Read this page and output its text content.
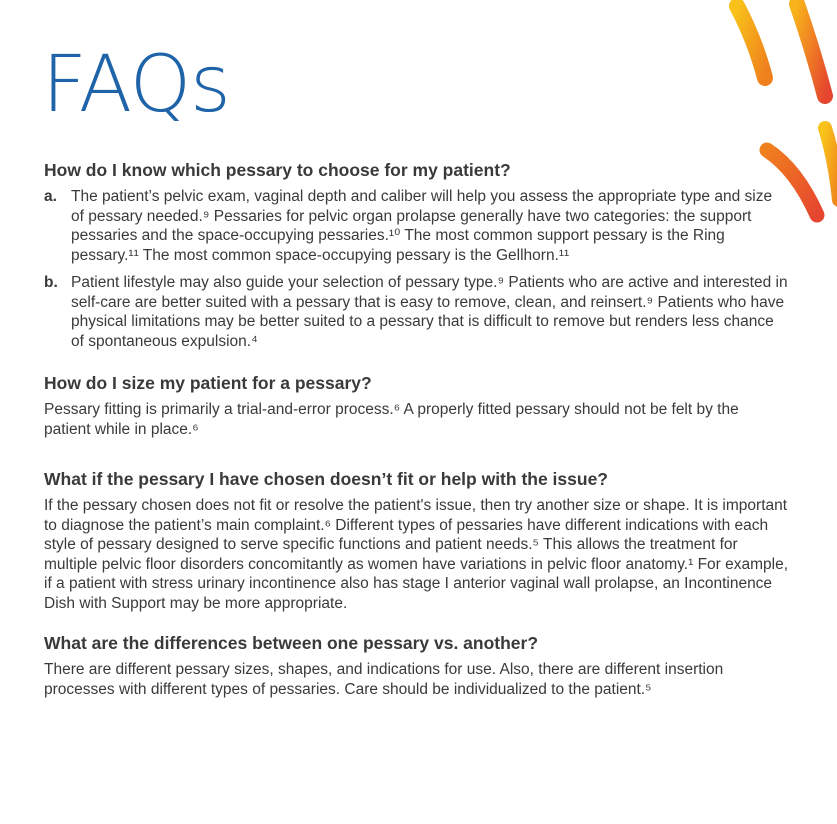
FAQs
How do I know which pessary to choose for my patient?
a. The patient’s pelvic exam, vaginal depth and caliber will help you assess the appropriate type and size of pessary needed.⁹ Pessaries for pelvic organ prolapse generally have two categories: the support pessaries and the space-occupying pessaries.¹⁰ The most common support pessary is the Ring pessary.¹¹ The most common space-occupying pessary is the Gellhorn.¹¹

b. Patient lifestyle may also guide your selection of pessary type.⁹ Patients who are active and interested in self-care are better suited with a pessary that is easy to remove, clean, and reinsert.⁹ Patients who have physical limitations may be better suited to a pessary that is difficult to remove but renders less chance of spontaneous expulsion.⁴

How do I size my patient for a pessary?

Pessary fitting is primarily a trial-and-error process.⁶ A properly fitted pessary should not be felt by the patient while in place.⁶

What if the pessary I have chosen doesn’t fit or help with the issue?

If the pessary chosen does not fit or resolve the patient's issue, then try another size or shape. It is important to diagnose the patient’s main complaint.⁶ Different types of pessaries have different indications with each style of pessary designed to serve specific functions and patient needs.⁵ This allows the treatment for multiple pelvic floor disorders concomitantly as women have variations in pelvic floor anatomy.¹ For example, if a patient with stress urinary incontinence also has stage I anterior vaginal wall prolapse, an Incontinence Dish with Support may be more appropriate.

What are the differences between one pessary vs. another?

There are different pessary sizes, shapes, and indications for use. Also, there are different insertion processes with different types of pessaries. Care should be individualized to the patient.⁵
